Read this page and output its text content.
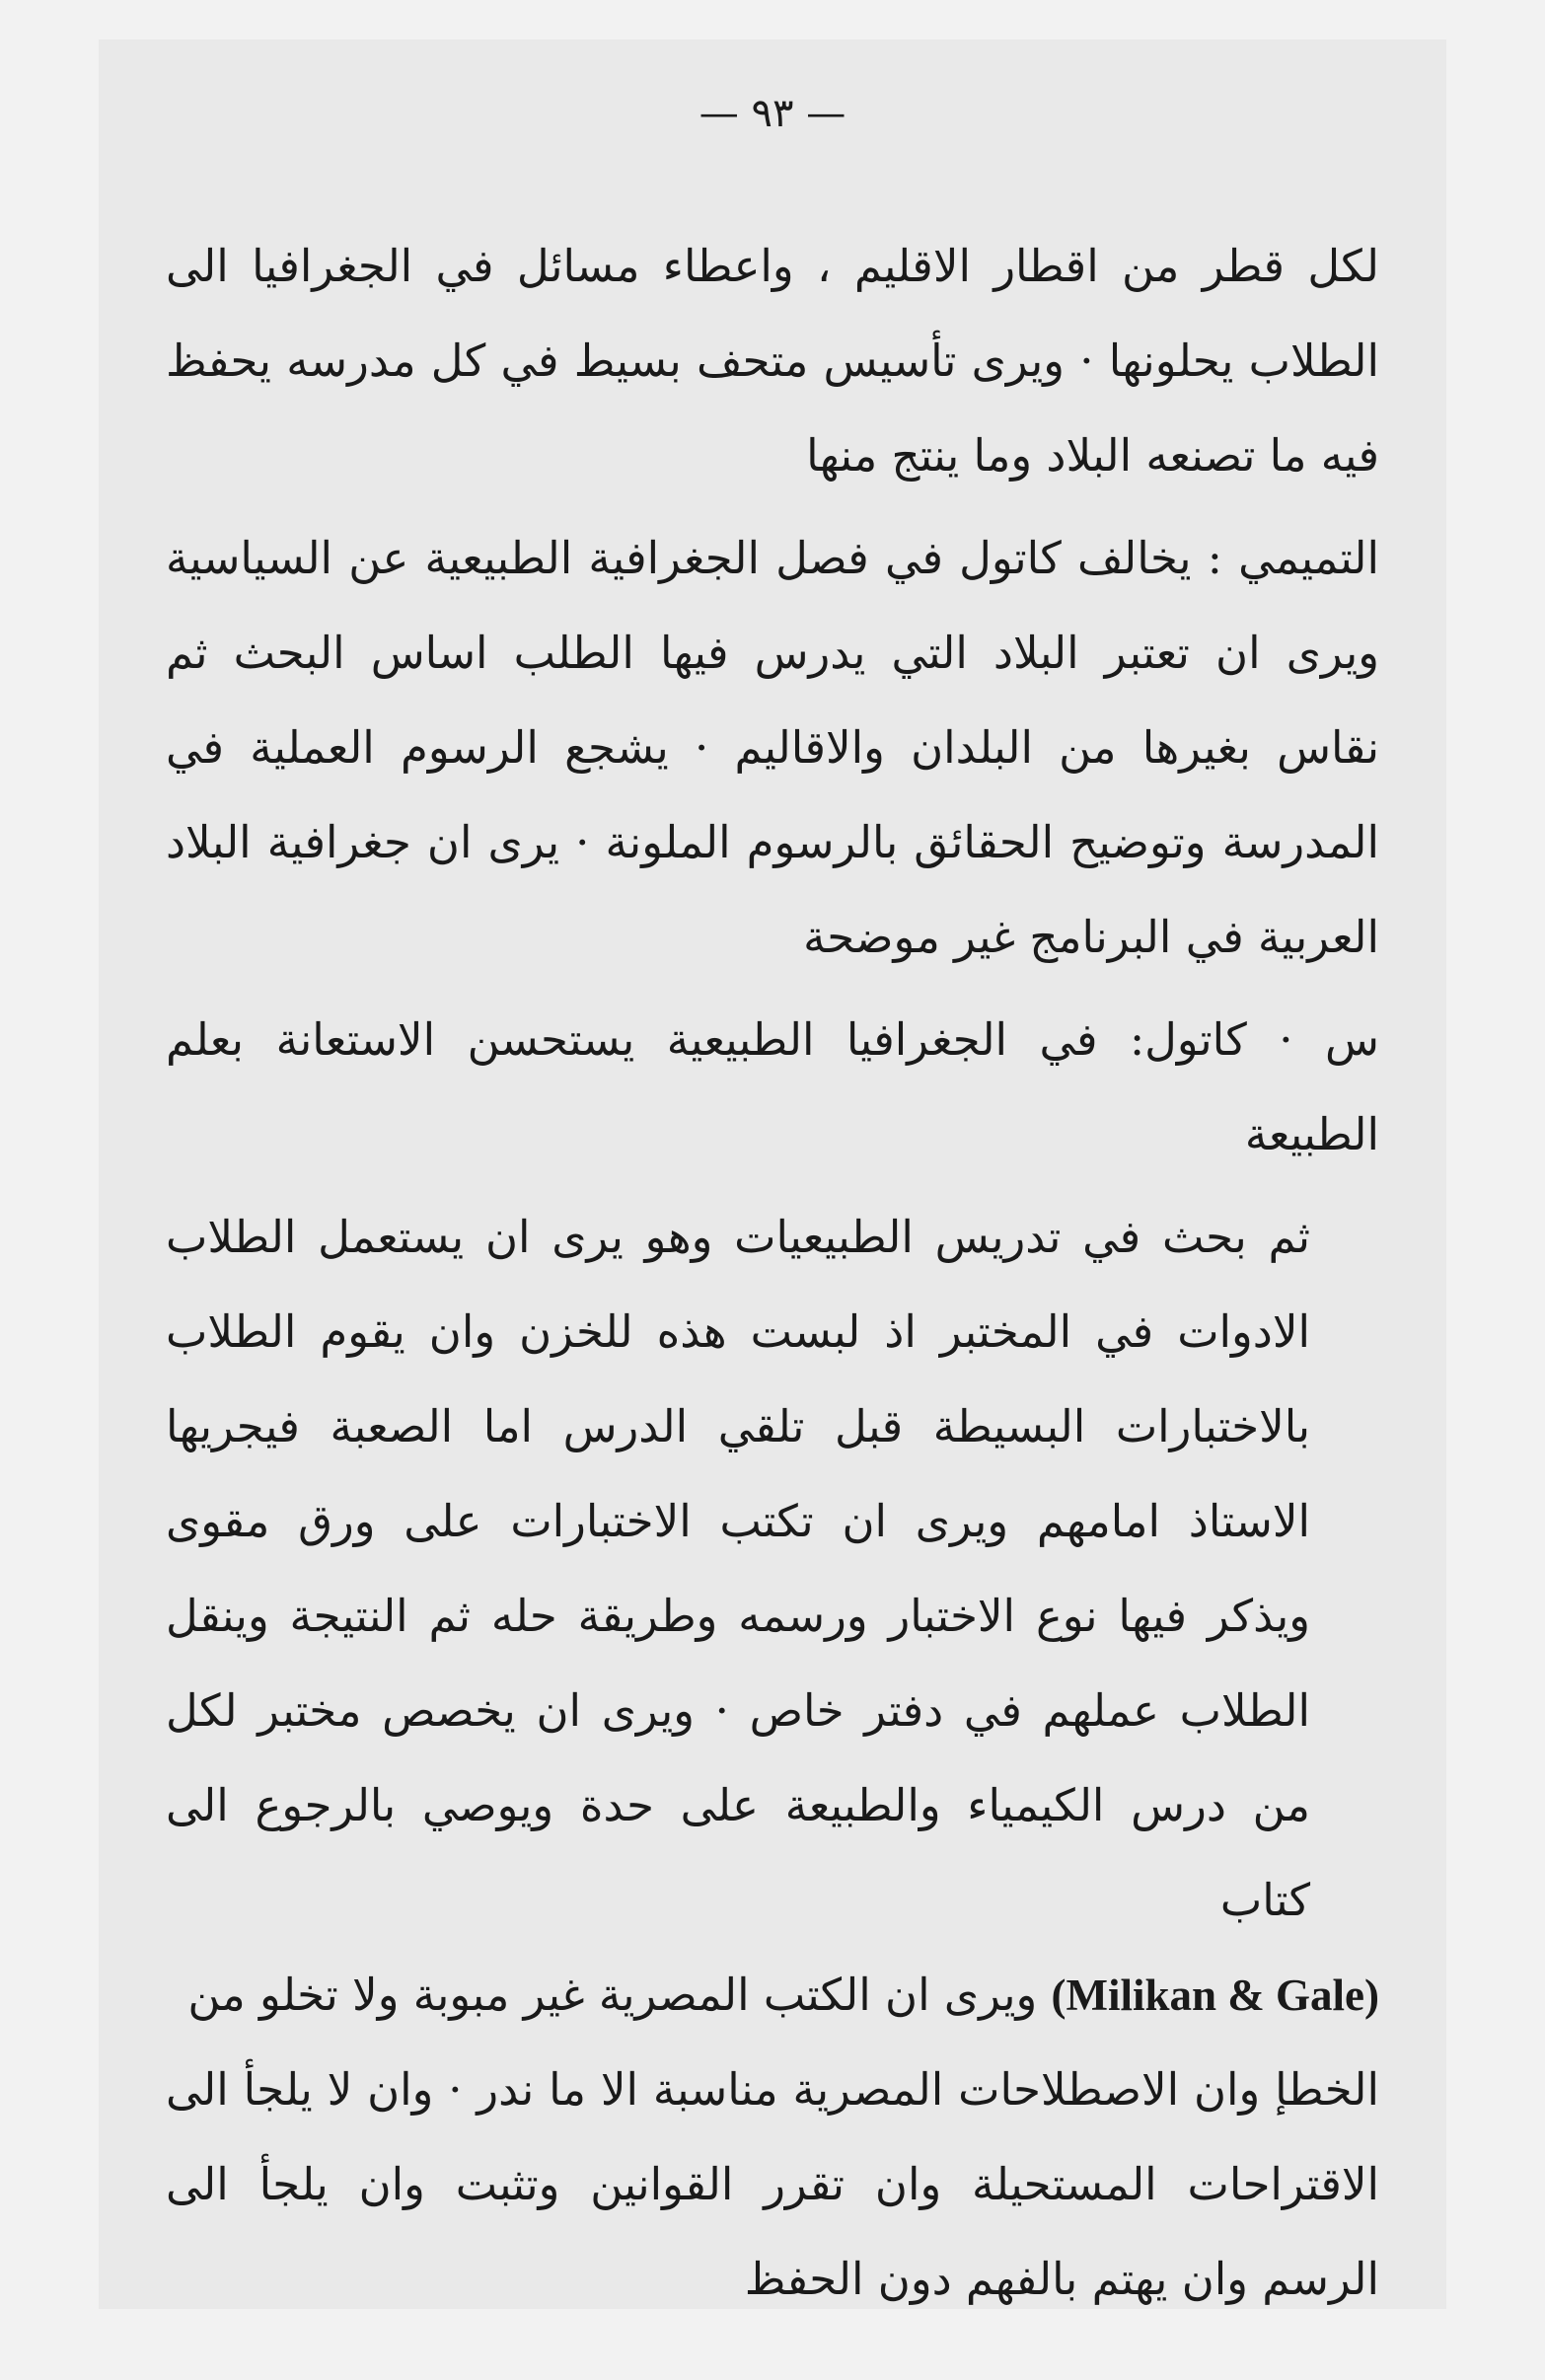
— ٩٣ —

لكل قطر من اقطار الاقليم ، واعطاء مسائل في الجغرافيا الى الطلاب يحلونها · ويرى تأسيس متحف بسيط في كل مدرسه يحفظ فيه ما تصنعه البلاد وما ينتج منها

التميمي : يخالف كاتول في فصل الجغرافية الطبيعية عن السياسية ويرى ان تعتبر البلاد التي يدرس فيها الطلب اساس البحث ثم نقاس بغيرها من البلدان والاقاليم · يشجع الرسوم العملية في المدرسة وتوضيح الحقائق بالرسوم الملونة · يرى ان جغرافية البلاد العربية في البرنامج غير موضحة

س · كاتول: في الجغرافيا الطبيعية يستحسن الاستعانة بعلم الطبيعة

ثم بحث في تدريس الطبيعيات وهو يرى ان يستعمل الطلاب الادوات في المختبر اذ لبست هذه للخزن وان يقوم الطلاب بالاختبارات البسيطة قبل تلقي الدرس اما الصعبة فيجريها الاستاذ امامهم ويرى ان تكتب الاختبارات على ورق مقوى ويذكر فيها نوع الاختبار ورسمه وطريقة حله ثم النتيجة وينقل الطلاب عملهم في دفتر خاص · ويرى ان يخصص مختبر لكل من درس الكيمياء والطبيعة على حدة ويوصي بالرجوع الى كتاب

(Milikan & Gale) ويرى ان الكتب المصرية غير مبوبة ولا تخلو من

الخطإ وان الاصطلاحات المصرية مناسبة الا ما ندر · وان لا يلجأ الى الاقتراحات المستحيلة وان تقرر القوانين وتثبت وان يلجأ الى الرسم وان يهتم بالفهم دون الحفظ
